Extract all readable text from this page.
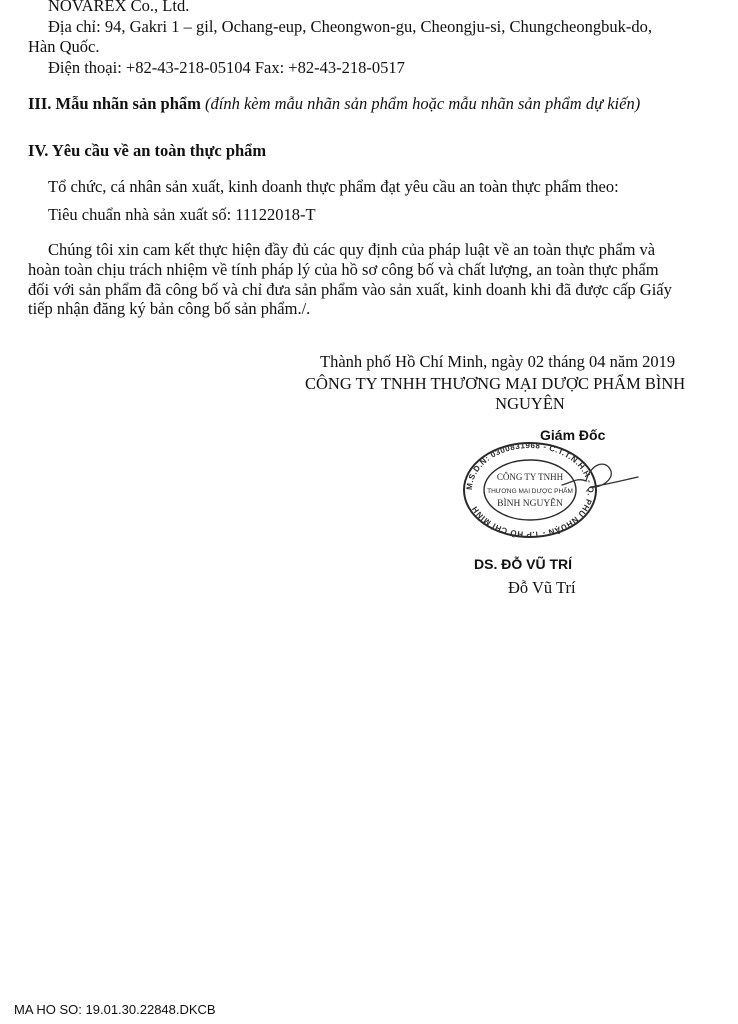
NOVAREX Co., Ltd.
Địa chỉ: 94, Gakri 1 – gil, Ochang-eup, Cheongwon-gu, Cheongju-si, Chungcheongbuk-do,
Hàn Quốc.
Điện thoại: +82-43-218-05104 Fax: +82-43-218-0517
III. Mẫu nhãn sản phẩm (đính kèm mẫu nhãn sản phẩm hoặc mẫu nhãn sản phẩm dự kiến)
IV. Yêu cầu về an toàn thực phẩm
Tổ chức, cá nhân sản xuất, kinh doanh thực phẩm đạt yêu cầu an toàn thực phẩm theo:
Tiêu chuẩn nhà sản xuất số: 11122018-T
Chúng tôi xin cam kết thực hiện đầy đủ các quy định của pháp luật về an toàn thực phẩm và
hoàn toàn chịu trách nhiệm về tính pháp lý của hồ sơ công bố và chất lượng, an toàn thực phẩm
đối với sản phẩm đã công bố và chỉ đưa sản phẩm vào sản xuất, kinh doanh khi đã được cấp Giấy
tiếp nhận đăng ký bản công bố sản phẩm./.
Thành phố Hồ Chí Minh, ngày 02 tháng 04 năm 2019
CÔNG TY TNHH THƯƠNG MẠI DƯỢC PHẨM BÌNH
NGUYÊN
Giám Đốc
M.S.D.N: 0300831968 - C.T.T.N.H.H - Q. PHÚ NHUẬN - T.P HỒ CHÍ MINH
CÔNG TY TNHH
THƯƠNG MẠI DƯỢC PHẨM
BÌNH NGUYÊN
DS. ĐỖ VŨ TRÍ
Đỗ Vũ Trí
MA HO SO: 19.01.30.22848.DKCB
